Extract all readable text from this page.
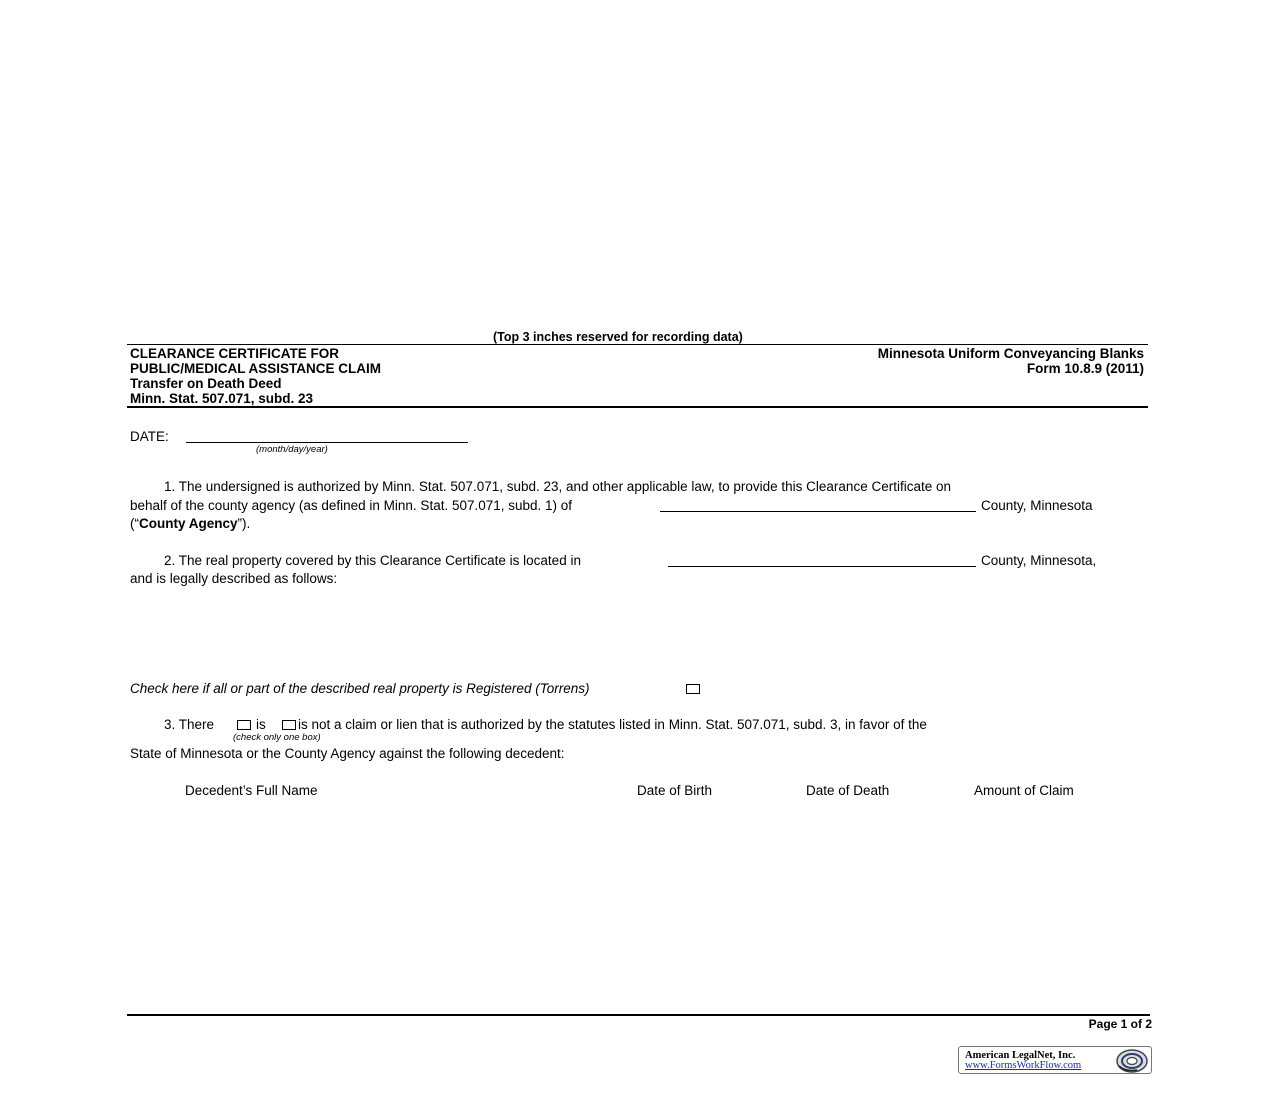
(Top 3 inches reserved for recording data)
CLEARANCE CERTIFICATE FOR
PUBLIC/MEDICAL ASSISTANCE CLAIM
Transfer on Death Deed
Minn. Stat. 507.071, subd. 23
Minnesota Uniform Conveyancing Blanks
Form 10.8.9 (2011)
DATE:
(month/day/year)
1. The undersigned is authorized by Minn. Stat. 507.071, subd. 23, and other applicable law, to provide this Clearance Certificate on
behalf of the county agency (as defined in Minn. Stat. 507.071, subd. 1) of	County, Minnesota
(“County Agency”).
2. The real property covered by this Clearance Certificate is located in	County, Minnesota,
and is legally described as follows:
Check here if all or part of the described real property is Registered (Torrens)
3. There	is is not a claim or lien that is authorized by the statutes listed in Minn. Stat. 507.071, subd. 3, in favor of the
(check only one box)
State of Minnesota or the County Agency against the following decedent:
Decedent’s Full Name	Date of Birth	Date of Death	Amount of Claim
Page 1 of 2
American LegalNet, Inc.
www.FormsWorkFlow.com
